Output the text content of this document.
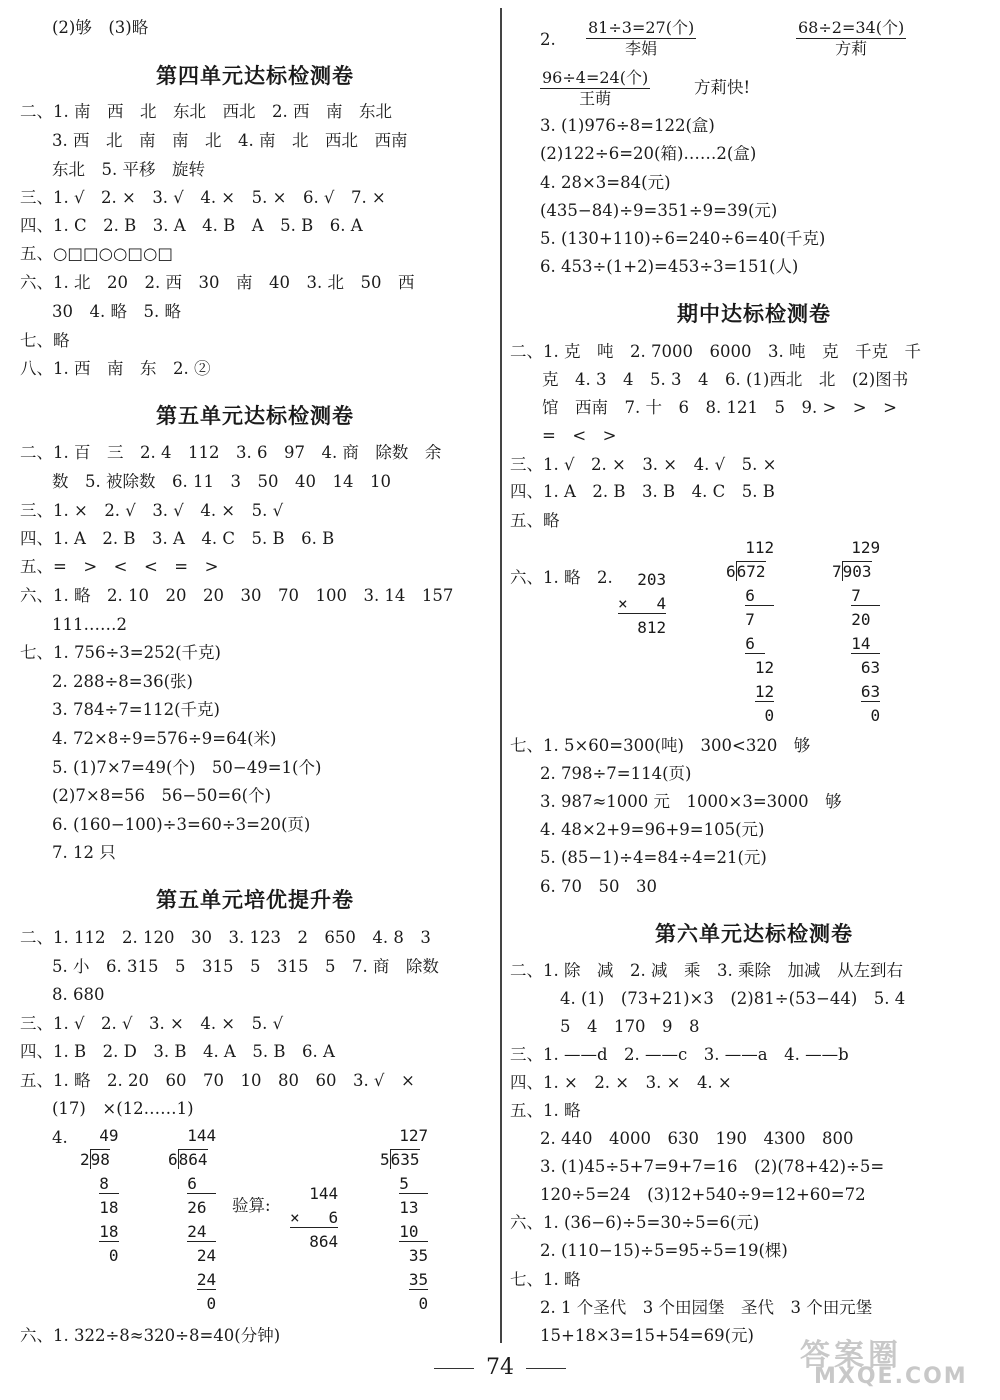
(2)够　(3)略
第四单元达标检测卷
二、1. 南　西　北　东北　西北　2. 西　南　东北
3. 西　北　南　南　北　4. 南　北　西北　西南
东北　5. 平移　旋转
三、1. √　2. ×　3. √　4. ×　5. ×　6. √　7. ×
四、1. C　2. B　3. A　4. B　A　5. B　6. A
五、○□□○○□○□
六、1. 北　20　2. 西　30　南　40　3. 北　50　西
30　4. 略　5. 略
七、略
八、1. 西　南　东　2. ②
第五单元达标检测卷
二、1. 百　三　2. 4　112　3. 6　97　4. 商　除数　余
数　5. 被除数　6. 11　3　50　40　14　10
三、1. ×　2. √　3. √　4. ×　5. √
四、1. A　2. B　3. A　4. C　5. B　6. B
五、=　>　<　<　=　>
六、1. 略　2. 10　20　20　30　70　100　3. 14　157
111……2
七、1. 756÷3=252(千克)
2. 288÷8=36(张)
3. 784÷7=112(千克)
4. 72×8÷9=576÷9=64(米)
5. (1)7×7=49(个)　50−49=1(个)
(2)7×8=56　56−50=6(个)
6. (160−100)÷3=60÷3=20(页)
7. 12 只
第五单元培优提升卷
二、1. 112　2. 120　30　3. 123　2　650　4. 8　3
5. 小　6. 315　5　315　5　315　5　7. 商　除数
8. 680
三、1. √　2. √　3. ×　4. ×　5. √
四、1. B　2. D　3. B　4. A　5. B　6. A
五、1. 略　2. 20　60　70　10　80　60　3. √　×
(17)　×(12……1)
4.	49
298
8
18
18
0
144
6864
6
26
24
24
24
0
验算:
144
×   6
864
127
5635
5
13
10
35
35
0
六、1. 322÷8≈320÷8=40(分钟)
2.
81÷3=27(个)
李娟
68÷2=34(个)
方莉
96÷4=24(个)
王萌
方莉快!
3. (1)976÷8=122(盒)
(2)122÷6=20(箱)……2(盒)
4. 28×3=84(元)
(435−84)÷9=351÷9=39(元)
5. (130+110)÷6=240÷6=40(千克)
6. 453÷(1+2)=453÷3=151(人)
期中达标检测卷
二、1. 克　吨　2. 7000　6000　3. 吨　克　千克　千
克　4. 3　4　5. 3　4　6. (1)西北　北　(2)图书
馆　西南　7. 十　6　8. 121　5　9. >　>　>
=　<　>
三、1. √　2. ×　3. ×　4. √　5. ×
四、1. A　2. B　3. B　4. C　5. B
五、略
六、1. 略　2.	203
×   4
812
112
6672
6
7
6
12
12
0
129
7903
7
20
14
63
63
0
七、1. 5×60=300(吨)　300<320　够
2. 798÷7=114(页)
3. 987≈1000 元　1000×3=3000　够
4. 48×2+9=96+9=105(元)
5. (85−1)÷4=84÷4=21(元)
6. 70　50　30
第六单元达标检测卷
二、1. 除　减　2. 减　乘　3. 乘除　加减　从左到右
4. (1)　(73+21)×3　(2)81÷(53−44)　5. 4
5　4　170　9　8
三、1. ——d　2. ——c　3. ——a　4. ——b
四、1. ×　2. ×　3. ×　4. ×
五、1. 略
2. 440　4000　630　190　4300　800
3. (1)45÷5+7=9+7=16　(2)(78+42)÷5=
120÷5=24　(3)12+540÷9=12+60=72
六、1. (36−6)÷5=30÷5=6(元)
2. (110−15)÷5=95÷5=19(棵)
七、1. 略
2. 1 个圣代　3 个田园堡　圣代　3 个田元堡
15+18×3=15+54=69(元)
74	答案圈
MXQE.COM
